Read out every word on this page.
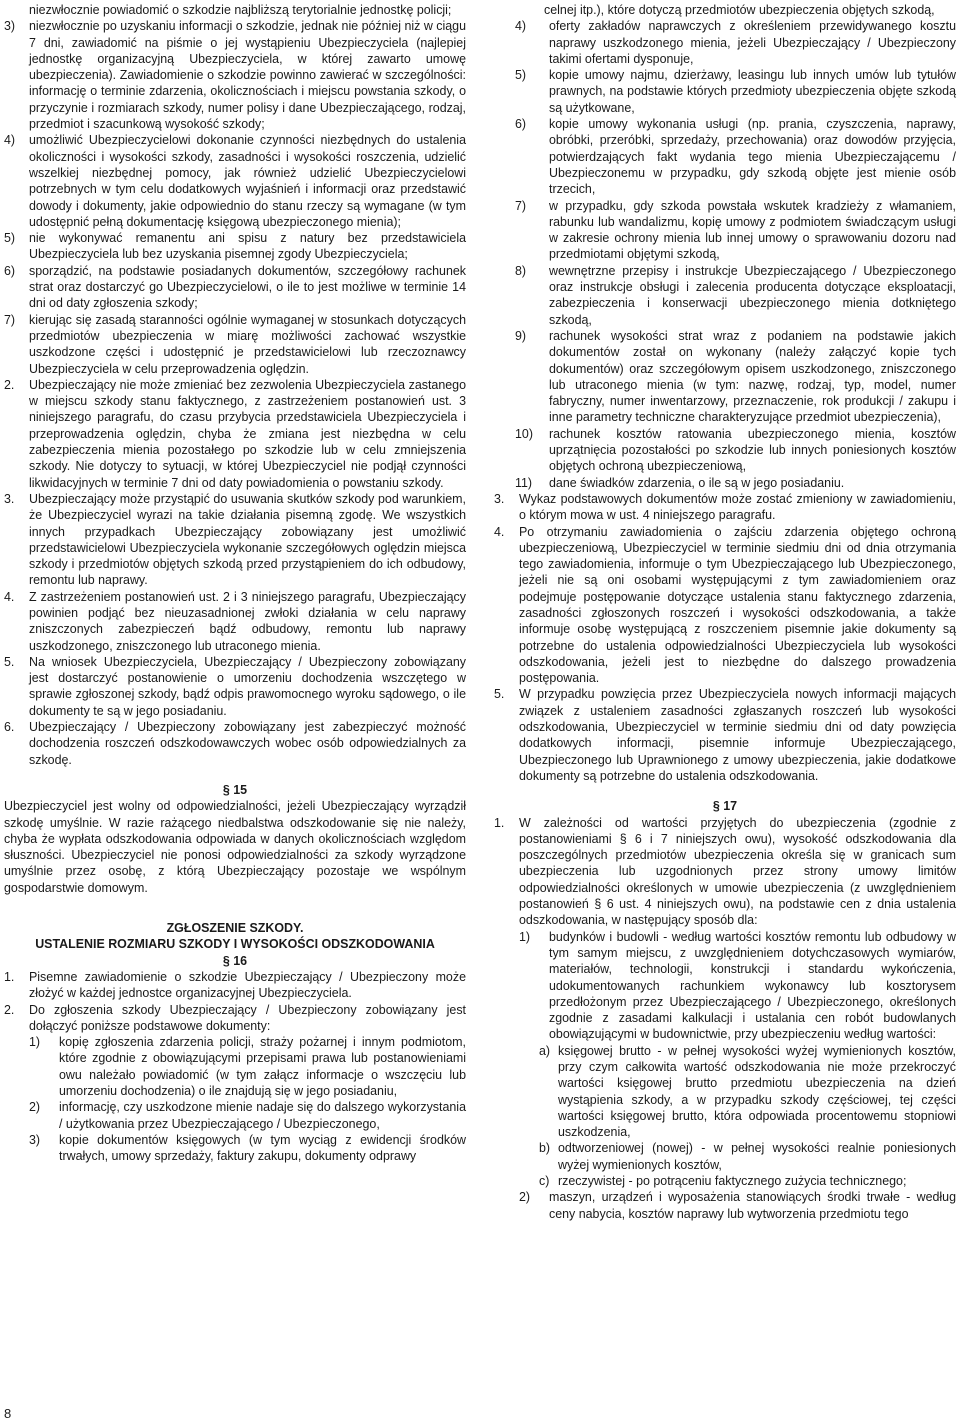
niezwłocznie powiadomić o szkodzie najbliższą terytorialnie jednostkę policji;

3) niezwłocznie po uzyskaniu informacji o szkodzie, jednak nie później niż w ciągu 7 dni, zawiadomić na piśmie o jej wystąpieniu Ubezpieczyciela (najlepiej jednostkę organizacyjną Ubezpieczyciela, w której zawarto umowę ubezpieczenia). Zawiadomienie o szkodzie powinno zawierać w szczególności: informację o terminie zdarzenia, okolicznościach i miejscu powstania szkody, o przyczynie i rozmiarach szkody, numer polisy i dane Ubezpieczającego, rodzaj, przedmiot i szacunkową wysokość szkody;

4) umożliwić Ubezpieczycielowi dokonanie czynności niezbędnych do ustalenia okoliczności i wysokości szkody, zasadności i wysokości roszczenia, udzielić wszelkiej niezbędnej pomocy, jak również udzielić Ubezpieczycielowi potrzebnych w tym celu dodatkowych wyjaśnień i informacji oraz przedstawić dowody i dokumenty, jakie odpowiednio do stanu rzeczy są wymagane (w tym udostępnić pełną dokumentację księgową ubezpieczonego mienia);

5) nie wykonywać remanentu ani spisu z natury bez przedstawiciela Ubezpieczyciela lub bez uzyskania pisemnej zgody Ubezpieczyciela;

6) sporządzić, na podstawie posiadanych dokumentów, szczegółowy rachunek strat oraz dostarczyć go Ubezpieczycielowi, o ile to jest możliwe w terminie 14 dni od daty zgłoszenia szkody;

7) kierując się zasadą staranności ogólnie wymaganej w stosunkach dotyczących przedmiotów ubezpieczenia w miarę możliwości zachować wszystkie uszkodzone części i udostępnić je przedstawicielowi lub rzeczoznawcy Ubezpieczyciela w celu przeprowadzenia oględzin.

2. Ubezpieczający nie może zmieniać bez zezwolenia Ubezpieczyciela zastanego w miejscu szkody stanu faktycznego, z zastrzeżeniem postanowień ust. 3 niniejszego paragrafu, do czasu przybycia przedstawiciela Ubezpieczyciela i przeprowadzenia oględzin, chyba że zmiana jest niezbędna w celu zabezpieczenia mienia pozostałego po szkodzie lub w celu zmniejszenia szkody. Nie dotyczy to sytuacji, w której Ubezpieczyciel nie podjął czynności likwidacyjnych w terminie 7 dni od daty powiadomienia o powstaniu szkody.

3. Ubezpieczający może przystąpić do usuwania skutków szkody pod warunkiem, że Ubezpieczyciel wyrazi na takie działania pisemną zgodę. We wszystkich innych przypadkach Ubezpieczający zobowiązany jest umożliwić przedstawicielowi Ubezpieczyciela wykonanie szczegółowych oględzin miejsca szkody i przedmiotów objętych szkodą przed przystąpieniem do ich odbudowy, remontu lub naprawy.

4. Z zastrzeżeniem postanowień ust. 2 i 3 niniejszego paragrafu, Ubezpieczający powinien podjąć bez nieuzasadnionej zwłoki działania w celu naprawy zniszczonych zabezpieczeń bądź odbudowy, remontu lub naprawy uszkodzonego, zniszczonego lub utraconego mienia.

5. Na wniosek Ubezpieczyciela, Ubezpieczający / Ubezpieczony zobowiązany jest dostarczyć postanowienie o umorzeniu dochodzenia wszczętego w sprawie zgłoszonej szkody, bądź odpis prawomocnego wyroku sądowego, o ile dokumenty te są w jego posiadaniu.

6. Ubezpieczający / Ubezpieczony zobowiązany jest zabezpieczyć możność dochodzenia roszczeń odszkodowawczych wobec osób odpowiedzialnych za szkodę.

§ 15

Ubezpieczyciel jest wolny od odpowiedzialności, jeżeli Ubezpieczający wyrządził szkodę umyślnie. W razie rażącego niedbalstwa odszkodowanie się nie należy, chyba że wypłata odszkodowania odpowiada w danych okolicznościach względom słuszności. Ubezpieczyciel nie ponosi odpowiedzialności za szkody wyrządzone umyślnie przez osobę, z którą Ubezpieczający pozostaje we wspólnym gospodarstwie domowym.

ZGŁOSZENIE SZKODY.

USTALENIE ROZMIARU SZKODY I WYSOKOŚCI ODSZKODOWANIA

§ 16

1. Pisemne zawiadomienie o szkodzie Ubezpieczający / Ubezpieczony może złożyć w każdej jednostce organizacyjnej Ubezpieczyciela.

2. Do zgłoszenia szkody Ubezpieczający / Ubezpieczony zobowiązany jest dołączyć poniższe podstawowe dokumenty:

1) kopię zgłoszenia zdarzenia policji, straży pożarnej i innym podmiotom, które zgodnie z obowiązującymi przepisami prawa lub postanowieniami owu należało powiadomić (w tym załącz informacje o wszczęciu lub umorzeniu dochodzenia) o ile znajdują się w jego posiadaniu,

2) informację, czy uszkodzone mienie nadaje się do dalszego wykorzystania / użytkowania przez Ubezpieczającego / Ubezpieczonego,

3) kopie dokumentów księgowych (w tym wyciąg z ewidencji środków trwałych, umowy sprzedaży, faktury zakupu, dokumenty odprawy

celnej itp.), które dotyczą przedmiotów ubezpieczenia objętych szkodą,

4) oferty zakładów naprawczych z określeniem przewidywanego kosztu naprawy uszkodzonego mienia, jeżeli Ubezpieczający / Ubezpieczony takimi ofertami dysponuje,

5) kopie umowy najmu, dzierżawy, leasingu lub innych umów lub tytułów prawnych, na podstawie których przedmioty ubezpieczenia objęte szkodą są użytkowane,

6) kopie umowy wykonania usługi (np. prania, czyszczenia, naprawy, obróbki, przeróbki, sprzedaży, przechowania) oraz dowodów przyjęcia, potwierdzających fakt wydania tego mienia Ubezpieczającemu / Ubezpieczonemu w przypadku, gdy szkodą objęte jest mienie osób trzecich,

7) w przypadku, gdy szkoda powstała wskutek kradzieży z włamaniem, rabunku lub wandalizmu, kopię umowy z podmiotem świadczącym usługi w zakresie ochrony mienia lub innej umowy o sprawowaniu dozoru nad przedmiotami objętymi szkodą,

8) wewnętrzne przepisy i instrukcje Ubezpieczającego / Ubezpieczonego oraz instrukcje obsługi i zalecenia producenta dotyczące eksploatacji, zabezpieczenia i konserwacji ubezpieczonego mienia dotkniętego szkodą,

9) rachunek wysokości strat wraz z podaniem na podstawie jakich dokumentów został on wykonany (należy załączyć kopie tych dokumentów) oraz szczegółowym opisem uszkodzonego, zniszczonego lub utraconego mienia (w tym: nazwę, rodzaj, typ, model, numer fabryczny, numer inwentarzowy, przeznaczenie, rok produkcji / zakupu i inne parametry techniczne charakteryzujące przedmiot ubezpieczenia),

10) rachunek kosztów ratowania ubezpieczonego mienia, kosztów uprzątnięcia pozostałości po szkodzie lub innych poniesionych kosztów objętych ochroną ubezpieczeniową,

11) dane świadków zdarzenia, o ile są w jego posiadaniu.

3. Wykaz podstawowych dokumentów może zostać zmieniony w zawiadomieniu, o którym mowa w ust. 4 niniejszego paragrafu.

4. Po otrzymaniu zawiadomienia o zajściu zdarzenia objętego ochroną ubezpieczeniową, Ubezpieczyciel w terminie siedmiu dni od dnia otrzymania tego zawiadomienia, informuje o tym Ubezpieczającego lub Ubezpieczonego, jeżeli nie są oni osobami występującymi z tym zawiadomieniem oraz podejmuje postępowanie dotyczące ustalenia stanu faktycznego zdarzenia, zasadności zgłoszonych roszczeń i wysokości odszkodowania, a także informuje osobę występującą z roszczeniem pisemnie jakie dokumenty są potrzebne do ustalenia odpowiedzialności Ubezpieczyciela lub wysokości odszkodowania, jeżeli jest to niezbędne do dalszego prowadzenia postępowania.

5. W przypadku powzięcia przez Ubezpieczyciela nowych informacji mających związek z ustaleniem zasadności zgłaszanych roszczeń lub wysokości odszkodowania, Ubezpieczyciel w terminie siedmiu dni od daty powzięcia dodatkowych informacji, pisemnie informuje Ubezpieczającego, Ubezpieczonego lub Uprawnionego z umowy ubezpieczenia, jakie dodatkowe dokumenty są potrzebne do ustalenia odszkodowania.

§ 17

1. W zależności od wartości przyjętych do ubezpieczenia (zgodnie z postanowieniami § 6 i 7 niniejszych owu), wysokość odszkodowania dla poszczególnych przedmiotów ubezpieczenia określa się w granicach sum ubezpieczenia lub uzgodnionych przez strony umowy limitów odpowiedzialności określonych w umowie ubezpieczenia (z uwzględnieniem postanowień § 6 ust. 4 niniejszych owu), na podstawie cen z dnia ustalenia odszkodowania, w następujący sposób dla:

1) budynków i budowli - według wartości kosztów remontu lub odbudowy w tym samym miejscu, z uwzględnieniem dotychczasowych wymiarów, materiałów, technologii, konstrukcji i standardu wykończenia, udokumentowanych rachunkiem wykonawcy lub kosztorysem przedłożonym przez Ubezpieczającego / Ubezpieczonego, określonych zgodnie z zasadami kalkulacji i ustalania cen robót budowlanych obowiązującymi w budownictwie, przy ubezpieczeniu według wartości:

a) księgowej brutto - w pełnej wysokości wyżej wymienionych kosztów, przy czym całkowita wartość odszkodowania nie może przekroczyć wartości księgowej brutto przedmiotu ubezpieczenia na dzień wystąpienia szkody, a w przypadku szkody częściowej, tej części wartości księgowej brutto, która odpowiada procentowemu stopniowi uszkodzenia,

b) odtworzeniowej (nowej) - w pełnej wysokości realnie poniesionych wyżej wymienionych kosztów,

c) rzeczywistej - po potrąceniu faktycznego zużycia technicznego;

2) maszyn, urządzeń i wyposażenia stanowiących środki trwałe - według ceny nabycia, kosztów naprawy lub wytworzenia przedmiotu tego

8
